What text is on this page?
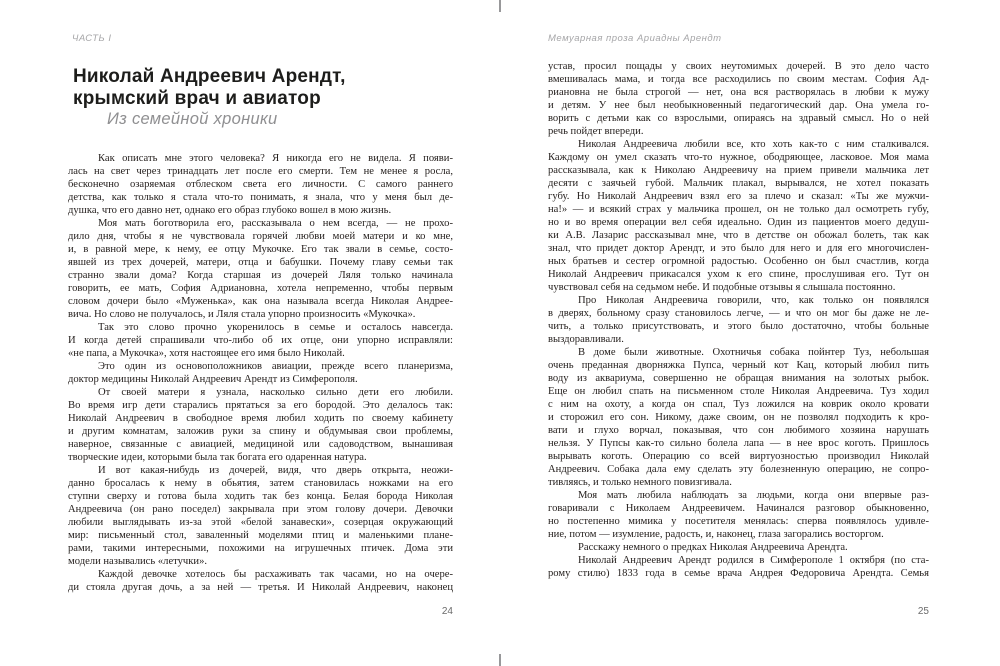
ЧАСТЬ I
Николай Андреевич Арендт,
крымский врач и авиатор
Из семейной хроники
Как описать мне этого человека? Я никогда его не видела. Я появи-
лась на свет через тринадцать лет после его смерти. Тем не менее я росла,
бесконечно озаряемая отблеском света его личности. С самого раннего
детства, как только я стала что-то понимать, я знала, что у меня был де-
душка, что его давно нет, однако его образ глубоко вошел в мою жизнь.
Моя мать боготворила его, рассказывала о нем всегда, — не прохо-
дило дня, чтобы я не чувствовала горячей любви моей матери и ко мне,
и, в равной мере, к нему, ее отцу Мукочке. Его так звали в семье, состо-
явшей из трех дочерей, матери, отца и бабушки. Почему главу семьи так
странно звали дома? Когда старшая из дочерей Ляля только начинала
говорить, ее мать, София Адриановна, хотела непременно, чтобы первым
словом дочери было «Муженька», как она называла всегда Николая Андрее-
вича. Но слово не получалось, и Ляля стала упорно произносить «Мукочка».
Так это слово прочно укоренилось в семье и осталось навсегда.
И когда детей спрашивали что-либо об их отце, они упорно исправляли:
«не папа, а Мукочка», хотя настоящее его имя было Николай.
Это один из основоположников авиации, прежде всего планеризма,
доктор медицины Николай Андреевич Арендт из Симферополя.
От своей матери я узнала, насколько сильно дети его любили.
Во время игр дети старались прятаться за его бородой. Это делалось так:
Николай Андреевич в свободное время любил ходить по своему кабинету
и другим комнатам, заложив руки за спину и обдумывая свои проблемы,
наверное, связанные с авиацией, медициной или садоводством, вынашивая
творческие идеи, которыми была так богата его одаренная натура.
И вот какая-нибудь из дочерей, видя, что дверь открыта, неожи-
данно бросалась к нему в обьятия, затем становилась ножками на его
ступни сверху и готова была ходить так без конца. Белая борода Николая
Андреевича (он рано поседел) закрывала при этом голову дочери. Девочки
любили выглядывать из-за этой «белой занавески», созерцая окружающий
мир: письменный стол, заваленный моделями птиц и маленькими плане-
рами, такими интересными, похожими на игрушечных птичек. Дома эти
модели назывались «летучки».
Каждой девочке хотелось бы расхаживать так часами, но на очере-
ди стояла другая дочь, а за ней — третья. И Николай Андреевич, наконец
24
Мемуарная проза Ариадны Арендт
устав, просил пощады у своих неутомимых дочерей. В это дело часто
вмешивалась мама, и тогда все расходились по своим местам. София Ад-
риановна не была строгой — нет, она вся растворялась в любви к мужу
и детям. У нее был необыкновенный педагогический дар. Она умела го-
ворить с детьми как со взрослыми, опираясь на здравый смысл. Но о ней
речь пойдет впереди.
Николая Андреевича любили все, кто хоть как-то с ним сталкивался.
Каждому он умел сказать что-то нужное, ободряющее, ласковое. Моя мама
рассказывала, как к Николаю Андреевичу на прием привели мальчика лет
десяти с заячьей губой. Мальчик плакал, вырывался, не хотел показать
губу. Но Николай Андреевич взял его за плечо и сказал: «Ты же мужчи-
на!» — и всякий страх у мальчика прошел, он не только дал осмотреть губу,
но и во время операции вел себя идеально. Один из пациентов моего дедуш-
ки А.В. Лазарис рассказывал мне, что в детстве он обожал болеть, так как
знал, что придет доктор Арендт, и это было для него и для его многочислен-
ных братьев и сестер огромной радостью. Особенно он был счастлив, когда
Николай Андреевич прикасался ухом к его спине, прослушивая его. Тут он
чувствовал себя на седьмом небе. И подобные отзывы я слышала постоянно.
Про Николая Андреевича говорили, что, как только он появлялся
в дверях, больному сразу становилось легче, — и что он мог бы даже не ле-
чить, а только присутствовать, и этого было достаточно, чтобы больные
выздоравливали.
В доме были животные. Охотничья собака пойнтер Туз, небольшая
очень преданная дворняжка Пупса, черный кот Кац, который любил пить
воду из аквариума, совершенно не обращая внимания на золотых рыбок.
Еще он любил спать на письменном столе Николая Андреевича. Туз ходил
с ним на охоту, а когда он спал, Туз ложился на коврик около кровати
и сторожил его сон. Никому, даже своим, он не позволял подходить к кро-
вати и глухо ворчал, показывая, что сон любимого хозяина нарушать
нельзя. У Пупсы как-то сильно болела лапа — в нее врос коготь. Пришлось
вырывать коготь. Операцию со всей виртуозностью производил Николай
Андреевич. Собака дала ему сделать эту болезненную операцию, не сопро-
тивляясь, и только немного повизгивала.
Моя мать любила наблюдать за людьми, когда они впервые раз-
говаривали с Николаем Андреевичем. Начинался разговор обыкновенно,
но постепенно мимика у посетителя менялась: сперва появлялось удивле-
ние, потом — изумление, радость, и, наконец, глаза загорались восторгом.
Расскажу немного о предках Николая Андреевича Арендта.
Николай Андреевич Арендт родился в Симферополе 1 октября (по ста-
рому стилю) 1833 года в семье врача Андрея Федоровича Арендта. Семья
25
